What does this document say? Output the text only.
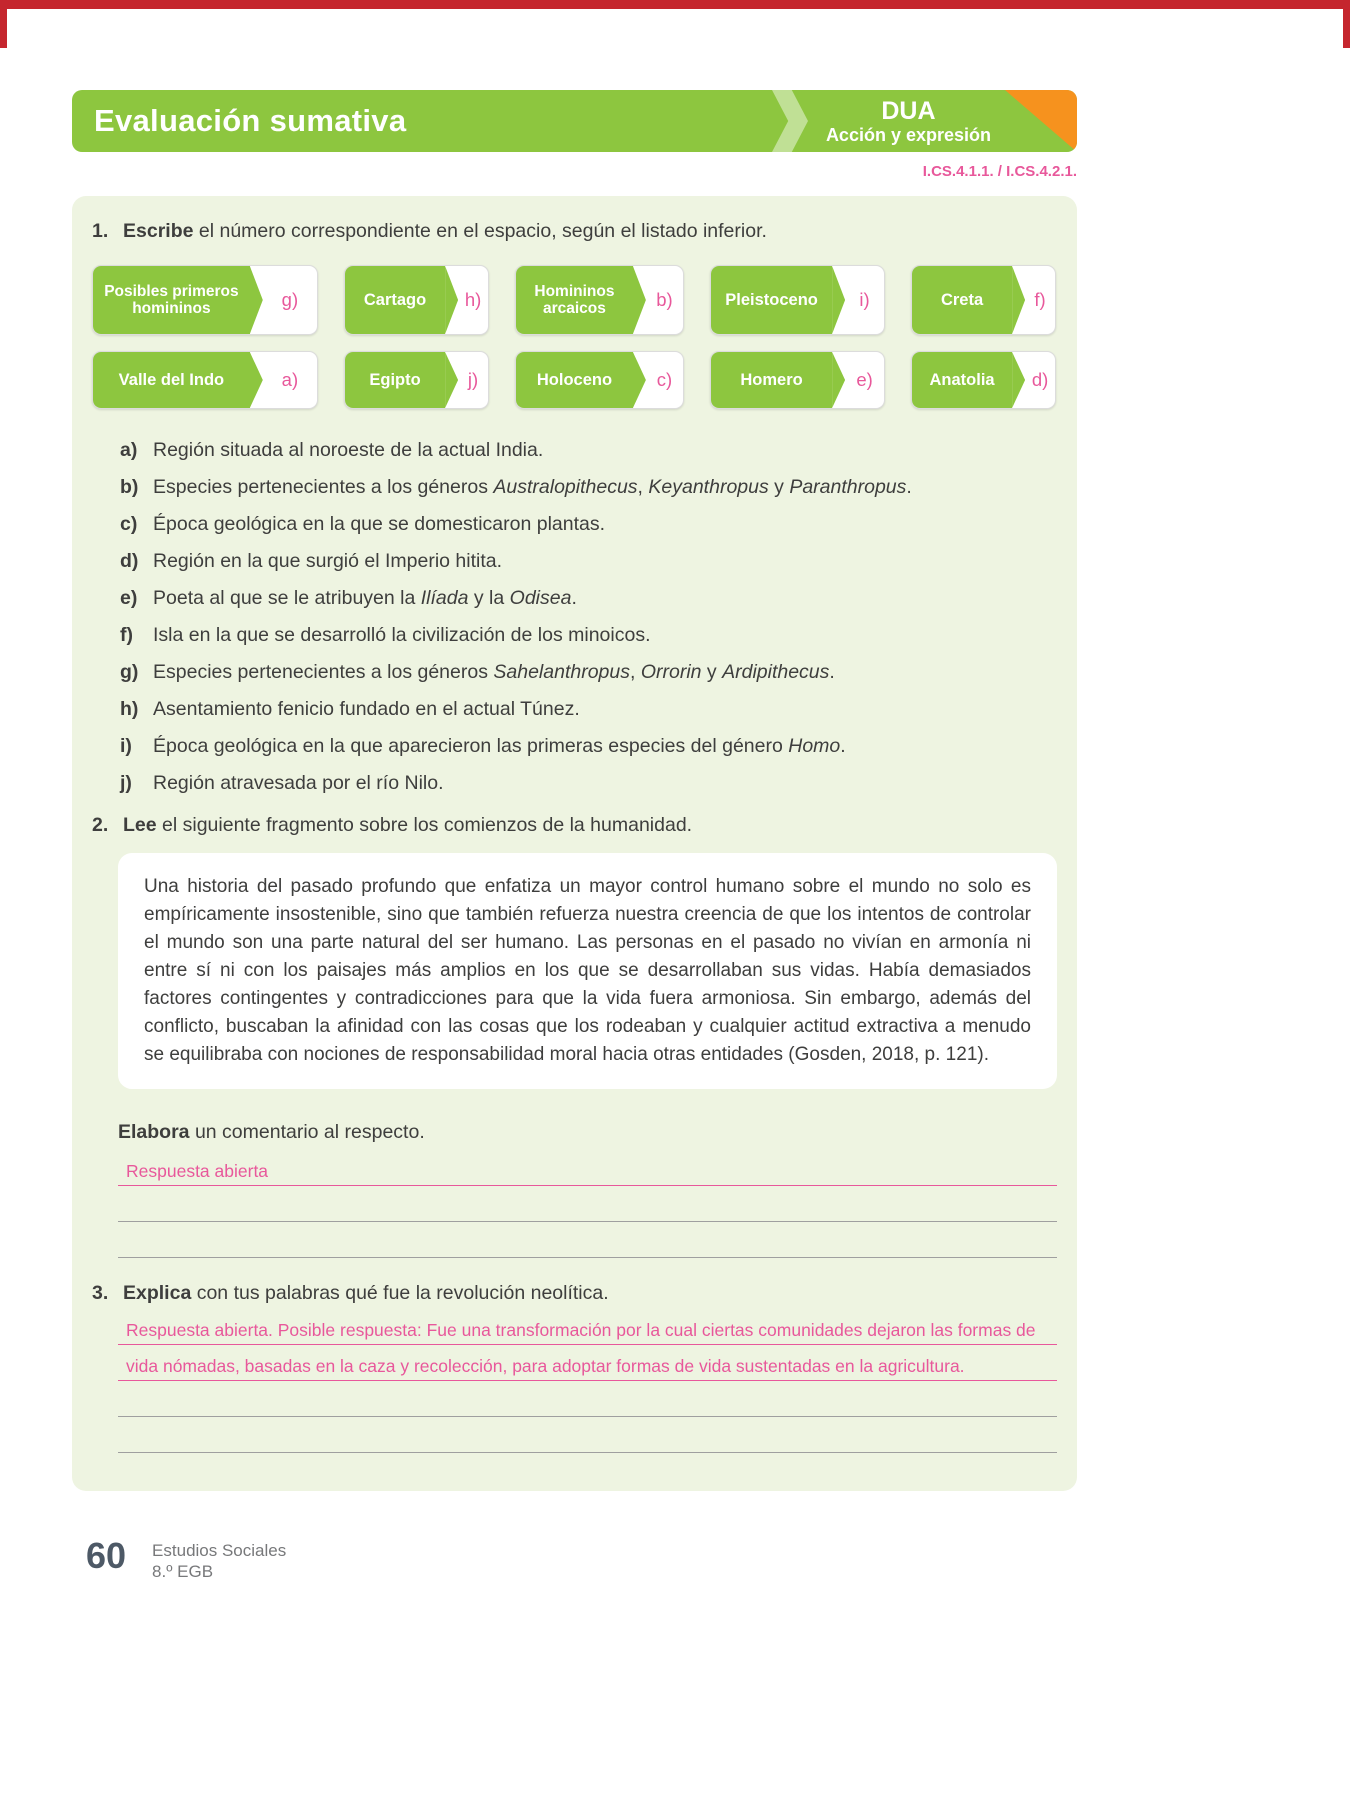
Evaluación sumativa	DUA
Acción y expresión
I.CS.4.1.1. / I.CS.4.2.1.
1. Escribe el número correspondiente en el espacio, según el listado inferior.
Posibles primeros homininos	g)	Cartago	h)	Homininos arcaicos	b)	Pleistoceno	i)	Creta	f)
Valle del Indo	a)	Egipto	j)	Holoceno	c)	Homero	e)	Anatolia	d)
a) Región situada al noroeste de la actual India.
b) Especies pertenecientes a los géneros Australopithecus, Keyanthropus y Paranthropus.
c) Época geológica en la que se domesticaron plantas.
d) Región en la que surgió el Imperio hitita.
e) Poeta al que se le atribuyen la Ilíada y la Odisea.
f)	Isla en la que se desarrolló la civilización de los minoicos.
g) Especies pertenecientes a los géneros Sahelanthropus, Orrorin y Ardipithecus.
h) Asentamiento fenicio fundado en el actual Túnez.
i)	Época geológica en la que aparecieron las primeras especies del género Homo.
j)	Región atravesada por el río Nilo.
2. Lee el siguiente fragmento sobre los comienzos de la humanidad.

Una historia del pasado profundo que enfatiza un mayor control humano sobre el mundo no solo es empíricamente insostenible, sino que también refuerza nuestra creencia de que los intentos de controlar el mundo son una parte natural del ser humano. Las personas en el pasado no vivían en armonía ni entre sí ni con los paisajes más amplios en los que se desarrollaban sus vidas. Había demasiados factores contingentes y contradicciones para que la vida fuera armoniosa. Sin embargo, además del conflicto, buscaban la afinidad con las cosas que los rodeaban y cualquier actitud extractiva a menudo se equilibraba con nociones de responsabilidad moral hacia otras entidades (Gosden, 2018, p. 121).

Elabora un comentario al respecto.
Respuesta abierta
3. Explica con tus palabras qué fue la revolución neolítica.
Respuesta abierta. Posible respuesta: Fue una transformación por la cual ciertas comunidades dejaron las formas de
vida nómadas, basadas en la caza y recolección, para adoptar formas de vida sustentadas en la agricultura.
60 Estudios Sociales
8.º EGB
